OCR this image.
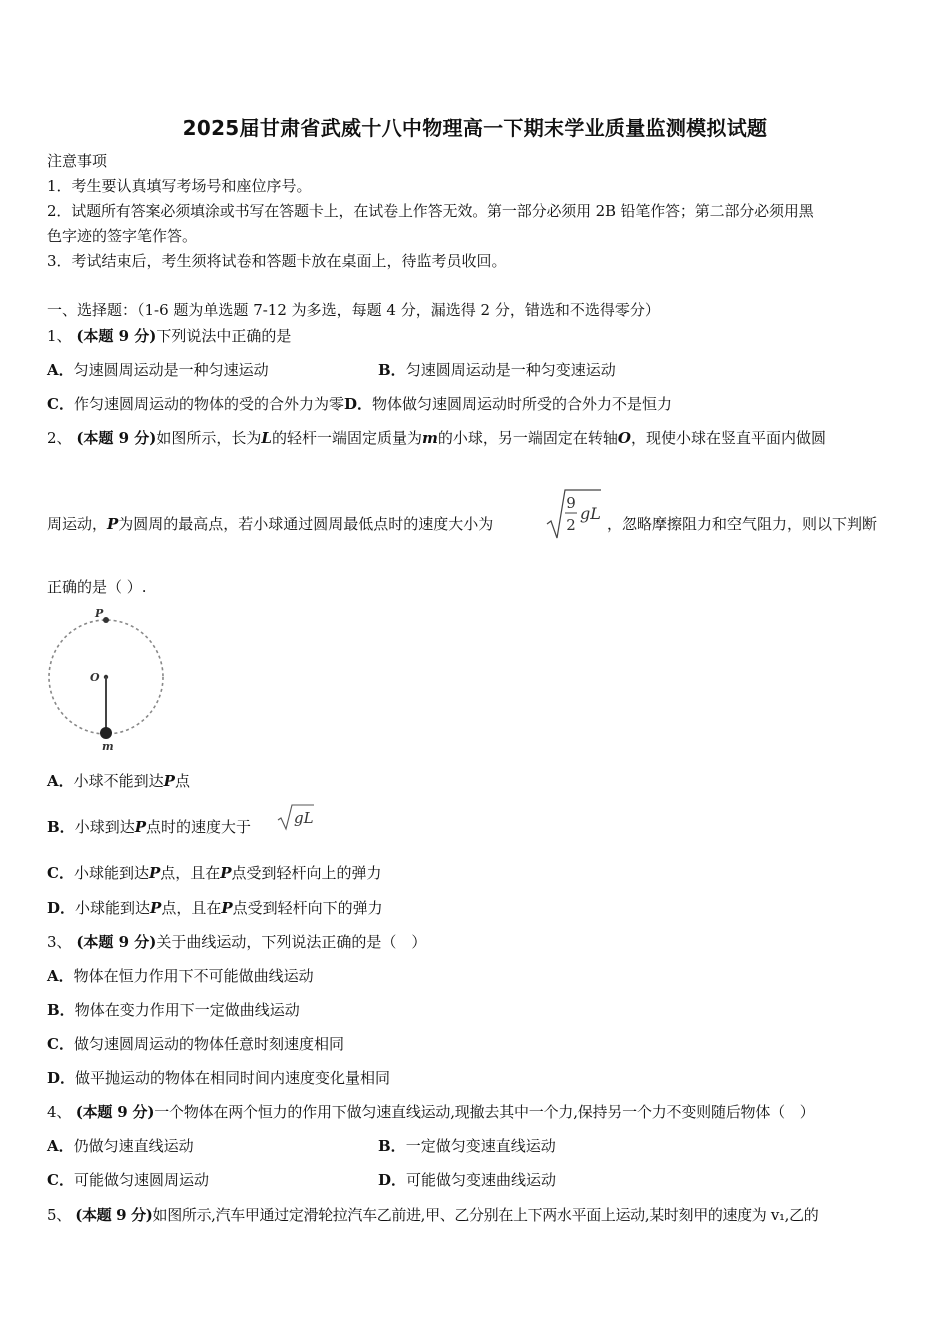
2025届甘肃省武威十八中物理高一下期末学业质量监测模拟试题
注意事项
1．考生要认真填写考场号和座位序号。
2．试题所有答案必须填涂或书写在答题卡上，在试卷上作答无效。第一部分必须用 2B 铅笔作答；第二部分必须用黑
色字迹的签字笔作答。
3．考试结束后，考生须将试卷和答题卡放在桌面上，待监考员收回。
一、选择题：（1-6 题为单选题 7-12 为多选，每题 4 分，漏选得 2 分，错选和不选得零分）
1、 (本题 9 分)下列说法中正确的是
A．匀速圆周运动是一种匀速运动	B．匀速圆周运动是一种匀变速运动
C．作匀速圆周运动的物体的受的合外力为零D．物体做匀速圆周运动时所受的合外力不是恒力
2、 (本题 9 分)如图所示，长为L的轻杆一端固定质量为m的小球，另一端固定在转轴O，现使小球在竖直平面内做圆
周运动，P为圆周的最高点，若小球通过圆周最低点时的速度大小为
9
2
gL
，忽略摩擦阻力和空气阻力，则以下判断
正确的是（ ）.
P
O
m
A．小球不能到达P点
B．小球到达P点时的速度大于	gL
C．小球能到达P点，且在P点受到轻杆向上的弹力
D．小球能到达P点，且在P点受到轻杆向下的弹力
3、 (本题 9 分)关于曲线运动，下列说法正确的是（　）
A．物体在恒力作用下不可能做曲线运动
B．物体在变力作用下一定做曲线运动
C．做匀速圆周运动的物体任意时刻速度相同
D．做平抛运动的物体在相同时间内速度变化量相同
4、 (本题 9 分)一个物体在两个恒力的作用下做匀速直线运动,现撤去其中一个力,保持另一个力不变则随后物体（　）
A．仍做匀速直线运动	B．一定做匀变速直线运动
C．可能做匀速圆周运动	D．可能做匀变速曲线运动
5、 (本题 9 分)如图所示,汽车甲通过定滑轮拉汽车乙前进,甲、乙分别在上下两水平面上运动,某时刻甲的速度为 v₁,乙的
